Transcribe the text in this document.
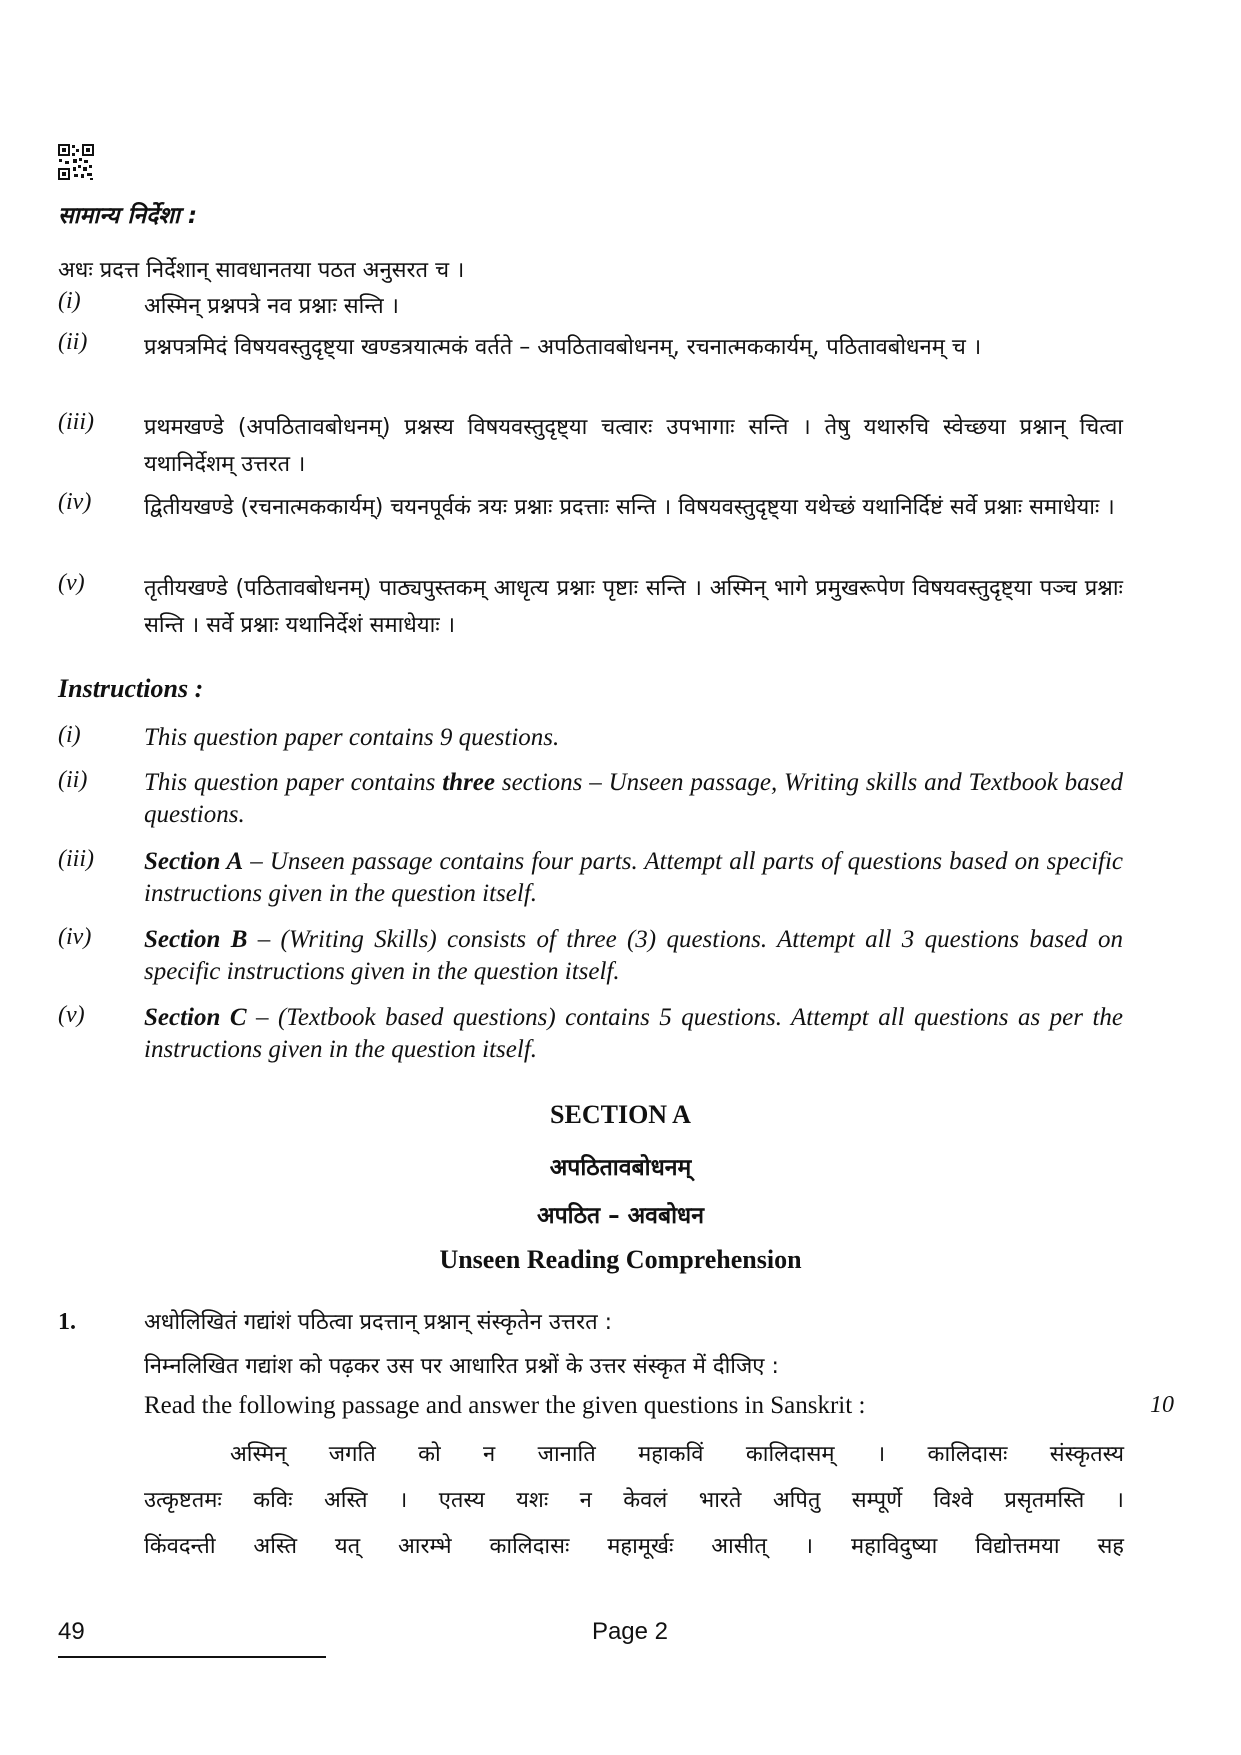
सामान्य निर्देशा :
अधः प्रदत्त निर्देशान् सावधानतया पठत अनुसरत च ।
(i)	अस्मिन् प्रश्नपत्रे नव प्रश्नाः सन्ति ।
(ii)	प्रश्नपत्रमिदं विषयवस्तुदृष्ट्या खण्डत्रयात्मकं वर्तते – अपठितावबोधनम्, रचनात्मककार्यम्, पठितावबोधनम् च ।
(iii)	प्रथमखण्डे (अपठितावबोधनम्) प्रश्नस्य विषयवस्तुदृष्ट्या चत्वारः उपभागाः सन्ति । तेषु यथारुचि स्वेच्छया प्रश्नान् चित्वा यथानिर्देशम् उत्तरत ।
(iv)	द्वितीयखण्डे (रचनात्मककार्यम्) चयनपूर्वकं त्रयः प्रश्नाः प्रदत्ताः सन्ति । विषयवस्तुदृष्ट्या यथेच्छं यथानिर्दिष्टं सर्वे प्रश्नाः समाधेयाः ।
(v)	तृतीयखण्डे (पठितावबोधनम्) पाठ्यपुस्तकम् आधृत्य प्रश्नाः पृष्टाः सन्ति । अस्मिन् भागे प्रमुखरूपेण विषयवस्तुदृष्ट्या पञ्च प्रश्नाः सन्ति । सर्वे प्रश्नाः यथानिर्देशं समाधेयाः ।
Instructions :
(i)	This question paper contains 9 questions.
(ii)	This question paper contains three sections – Unseen passage, Writing skills and Textbook based questions.
(iii)	Section A – Unseen passage contains four parts. Attempt all parts of questions based on specific instructions given in the question itself.
(iv)	Section B – (Writing Skills) consists of three (3) questions. Attempt all 3 questions based on specific instructions given in the question itself.
(v)	Section C – (Textbook based questions) contains 5 questions. Attempt all questions as per the instructions given in the question itself.
SECTION A
अपठितावबोधनम्
अपठित – अवबोधन
Unseen Reading Comprehension
1.	अधोलिखितं गद्यांशं पठित्वा प्रदत्तान् प्रश्नान् संस्कृतेन उत्तरत :
निम्नलिखित गद्यांश को पढ़कर उस पर आधारित प्रश्नों के उत्तर संस्कृत में दीजिए :
Read the following passage and answer the given questions in Sanskrit :	10
अस्मिन् जगति को न जानाति महाकविं कालिदासम् । कालिदासः संस्कृतस्य
उत्कृष्टतमः कविः अस्ति । एतस्य यशः न केवलं भारते अपितु सम्पूर्णे विश्वे प्रसृतमस्ति ।
किंवदन्ती अस्ति यत् आरम्भे कालिदासः महामूर्खः आसीत् । महाविदुष्या विद्योत्तमया सह
49	Page 2
